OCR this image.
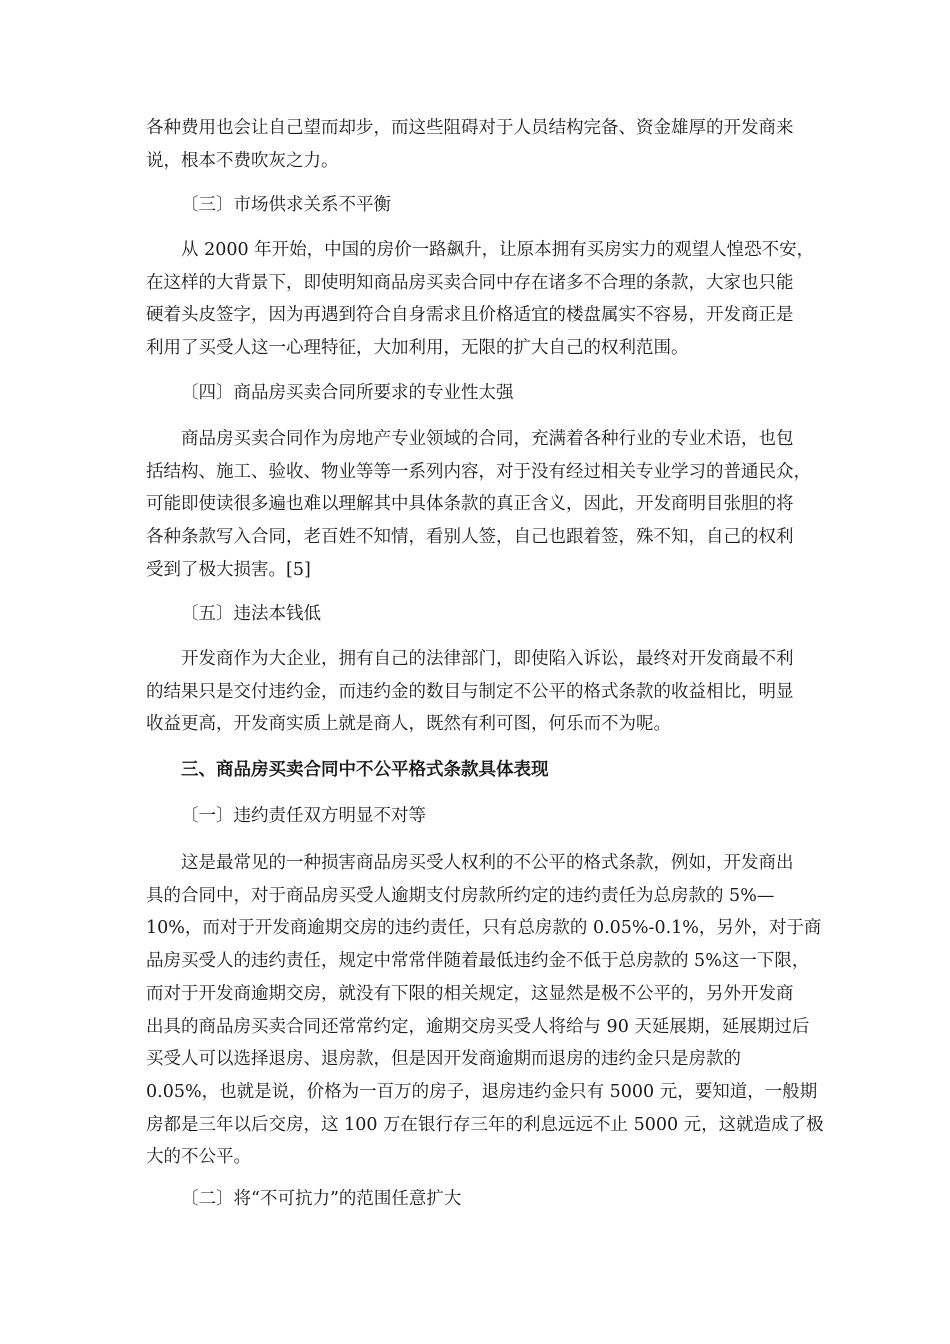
各种费用也会让自己望而却步，而这些阻碍对于人员结构完备、资金雄厚的开发商来
说，根本不费吹灰之力。
〔三〕市场供求关系不平衡
从 2000 年开始，中国的房价一路飙升，让原本拥有买房实力的观望人惶恐不安，
在这样的大背景下，即使明知商品房买卖合同中存在诸多不合理的条款，大家也只能
硬着头皮签字，因为再遇到符合自身需求且价格适宜的楼盘属实不容易，开发商正是
利用了买受人这一心理特征，大加利用，无限的扩大自己的权利范围。
〔四〕商品房买卖合同所要求的专业性太强
商品房买卖合同作为房地产专业领域的合同，充满着各种行业的专业术语，也包
括结构、施工、验收、物业等等一系列内容，对于没有经过相关专业学习的普通民众，
可能即使读很多遍也难以理解其中具体条款的真正含义，因此，开发商明目张胆的将
各种条款写入合同，老百姓不知情，看别人签，自己也跟着签，殊不知，自己的权利
受到了极大损害。[5]
〔五〕违法本钱低
开发商作为大企业，拥有自己的法律部门，即使陷入诉讼，最终对开发商最不利
的结果只是交付违约金，而违约金的数目与制定不公平的格式条款的收益相比，明显
收益更高，开发商实质上就是商人，既然有利可图，何乐而不为呢。
三、商品房买卖合同中不公平格式条款具体表现
〔一〕违约责任双方明显不对等
这是最常见的一种损害商品房买受人权利的不公平的格式条款，例如，开发商出
具的合同中，对于商品房买受人逾期支付房款所约定的违约责任为总房款的 5%—
10%，而对于开发商逾期交房的违约责任，只有总房款的 0.05%-0.1%，另外，对于商
品房买受人的违约责任，规定中常常伴随着最低违约金不低于总房款的 5%这一下限，
而对于开发商逾期交房，就没有下限的相关规定，这显然是极不公平的，另外开发商
出具的商品房买卖合同还常常约定，逾期交房买受人将给与 90 天延展期，延展期过后
买受人可以选择退房、退房款，但是因开发商逾期而退房的违约金只是房款的
0.05%，也就是说，价格为一百万的房子，退房违约金只有 5000 元，要知道，一般期
房都是三年以后交房，这 100 万在银行存三年的利息远远不止 5000 元，这就造成了极
大的不公平。
〔二〕将“不可抗力”的范围任意扩大
